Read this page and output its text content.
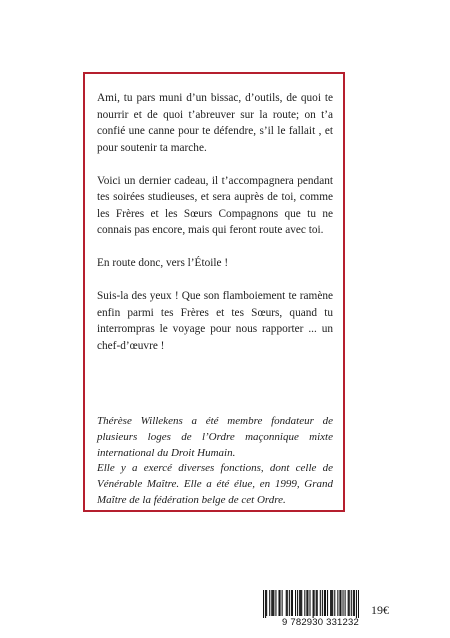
Ami, tu pars muni d’un bissac, d’outils, de quoi te nourrir et de quoi t’abreuver sur la route; on t’a confié une canne pour te défendre, s’il le fallait , et pour soutenir ta marche.

Voici un dernier cadeau, il t’accompagnera pendant tes soirées studieuses, et sera auprès de toi, comme les Frères et les Sœurs Compagnons que tu ne connais pas encore, mais qui feront route avec toi.

En route donc, vers l’Étoile !

Suis-la des yeux ! Que son flamboiement te ramène enfin parmi tes Frères et tes Sœurs, quand tu interrompras le voyage pour nous rapporter ... un chef-d’œuvre !

Thérèse Willekens a été membre fondateur de plusieurs loges de l’Ordre maçonnique mixte international du Droit Humain.

Elle y a exercé diverses fonctions, dont celle de Vénérable Maître. Elle a été élue, en 1999, Grand Maître de la fédération belge de cet Ordre.

9 782930 331232
19€
